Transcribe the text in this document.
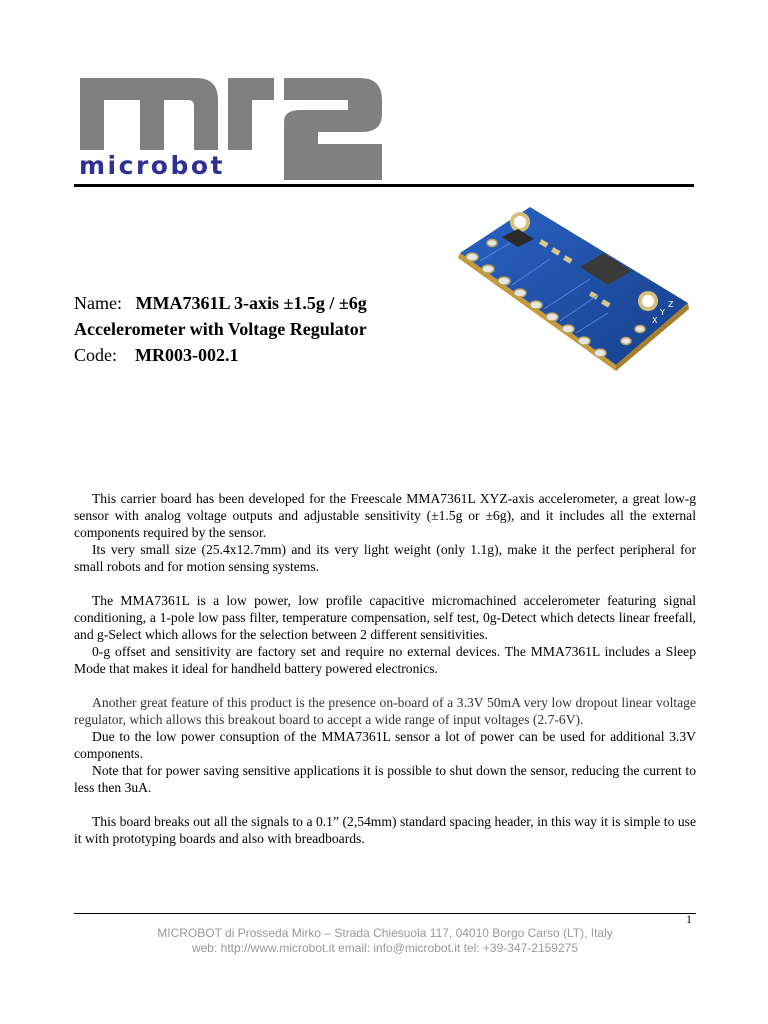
microbot
Name: MMA7361L 3-axis ±1.5g / ±6g
Accelerometer with Voltage Regulator
Code: MR003-002.1
X
Y
Z

This carrier board has been developed for the Freescale MMA7361L XYZ-axis accelerometer, a great low-g sensor with analog voltage outputs and adjustable sensitivity (±1.5g or ±6g), and it includes all the external components required by the sensor.

Its very small size (25.4x12.7mm) and its very light weight (only 1.1g), make it the perfect peripheral for small robots and for motion sensing systems.

The MMA7361L is a low power, low profile capacitive micromachined accelerometer featuring signal conditioning, a 1-pole low pass filter, temperature compensation, self test, 0g-Detect which detects linear freefall, and g-Select which allows for the selection between 2 different sensitivities.

0-g offset and sensitivity are factory set and require no external devices. The MMA7361L includes a Sleep Mode that makes it ideal for handheld battery powered electronics.

Another great feature of this product is the presence on-board of a 3.3V 50mA very low dropout linear voltage regulator, which allows this breakout board to accept a wide range of input voltages (2.7-6V).

Due to the low power consuption of the MMA7361L sensor a lot of power can be used for additional 3.3V components.

Note that for power saving sensitive applications it is possible to shut down the sensor, reducing the current to less then 3uA.

This board breaks out all the signals to a 0.1” (2,54mm) standard spacing header, in this way it is simple to use it with prototyping boards and also with breadboards.

1
MICROBOT di Prosseda Mirko – Strada Chiesuola 117, 04010 Borgo Carso (LT), Italy
web: http://www.microbot.it email: info@microbot.it tel: +39-347-2159275
